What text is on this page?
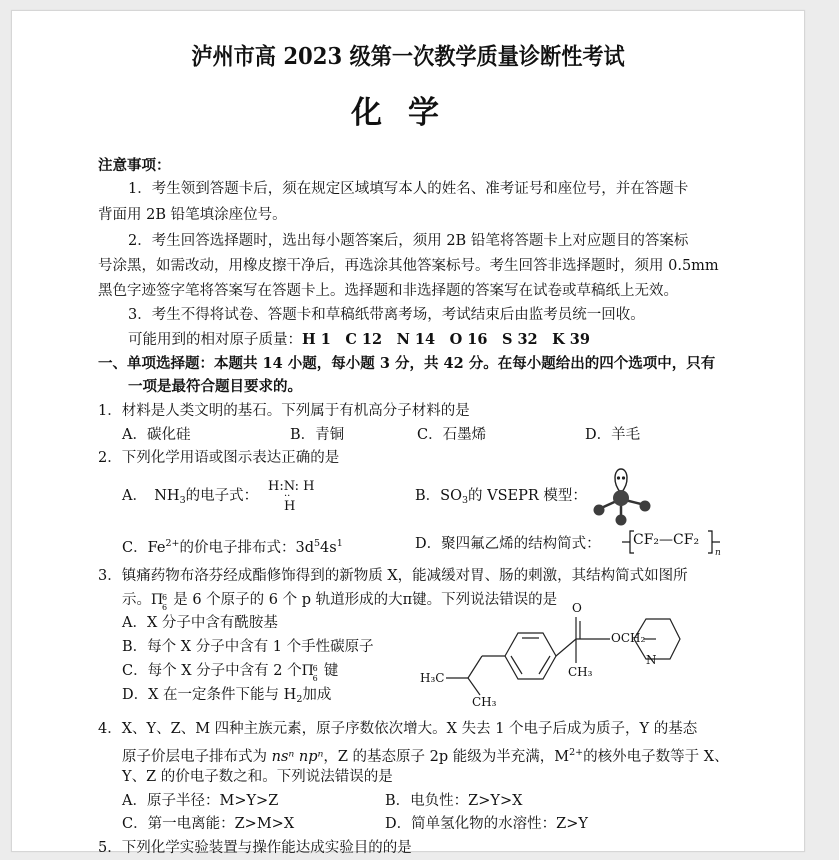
泸州市高 2023 级第一次教学质量诊断性考试
化学
注意事项：
1．考生领到答题卡后，须在规定区域填写本人的姓名、准考证号和座位号，并在答题卡
背面用 2B 铅笔填涂座位号。
2．考生回答选择题时，选出每小题答案后，须用 2B 铅笔将答题卡上对应题目的答案标
号涂黑，如需改动，用橡皮擦干净后，再选涂其他答案标号。考生回答非选择题时，须用 0.5mm
黑色字迹签字笔将答案写在答题卡上。选择题和非选择题的答案写在试卷或草稿纸上无效。
3．考生不得将试卷、答题卡和草稿纸带离考场，考试结束后由监考员统一回收。
可能用到的相对原子质量：H 1　C 12　N 14　O 16　S 32　K 39
一、单项选择题：本题共 14 小题，每小题 3 分，共 42 分。在每小题给出的四个选项中，只有
一项是最符合题目要求的。
1．材料是人类文明的基石。下列属于有机高分子材料的是
A．碳化硅	B．青铜	C．石墨烯	D．羊毛
2．下列化学用语或图示表达正确的是
A．　$NH_3$的电子式：
H:N: H
··
H
B．$SO_3$的 VSEPR 模型：
C．$Fe^{2+}$的价电子排布式：$3d^54s^1$	D．聚四氟乙烯的结构简式： CF₂—CF₂
n
3．镇痛药物布洛芬经成酯修饰得到的新物质 X，能减缓对胃、肠的刺激，其结构简式如图所
示。Π
6
6 是 6 个原子的 6 个 p 轨道形成的大π键。下列说法错误的是
A．X 分子中含有酰胺基
B．每个 X 分子中含有 1 个手性碳原子
C．每个 X 分子中含有 2 个Π
6
6 键
D．X 在一定条件下能与 $H_2$加成
O
OCH₂
N
H₃C	CH₃
CH₃
4．X、Y、Z、M 四种主族元素，原子序数依次增大。X 失去 1 个电子后成为质子，Y 的基态
原子价层电子排布式为 nsⁿ npⁿ，Z 的基态原子 2p 能级为半充满，$M^{2+}$的核外电子数等于 X、
Y、Z 的价电子数之和。下列说法错误的是
A．原子半径：M>Y>Z	B．电负性：Z>Y>X
C．第一电离能：Z>M>X	D．简单氢化物的水溶性：Z>Y
5．下列化学实验装置与操作能达成实验目的的是
